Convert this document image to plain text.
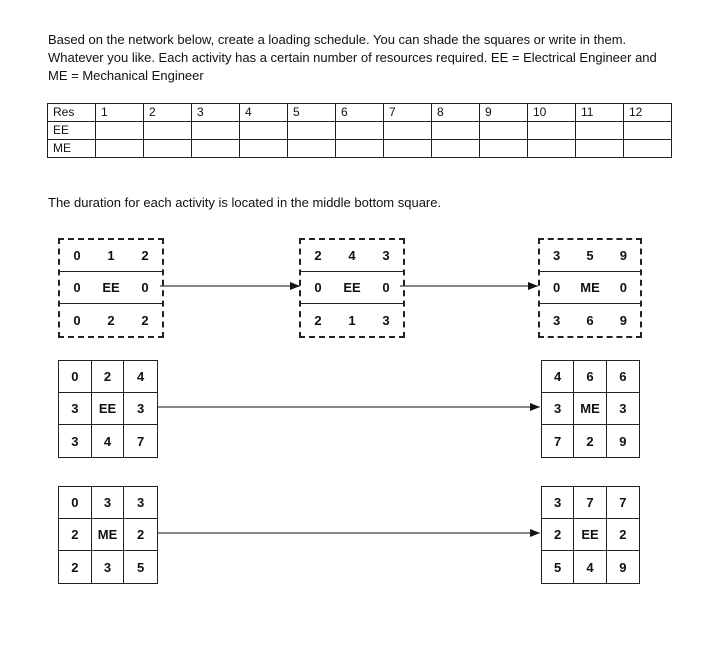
Based on the network below, create a loading schedule. You can shade the squares or write in them.
Whatever you like. Each activity has a certain number of resources required. EE = Electrical Engineer and
ME = Mechanical Engineer
Res	1	2	3	4	5	6	7	8	9	10	11	12
EE												
ME												
The duration for each activity is located in the middle bottom square.
0	1	2
0	EE	0
0	2	2
2	4	3
0	EE	0
2	1	3
3	5	9
0	ME	0
3	6	9
0	2	4
3	EE	3
3	4	7
4	6	6
3	ME	3
7	2	9
0	3	3
2	ME	2
2	3	5
3	7	7
2	EE	2
5	4	9
